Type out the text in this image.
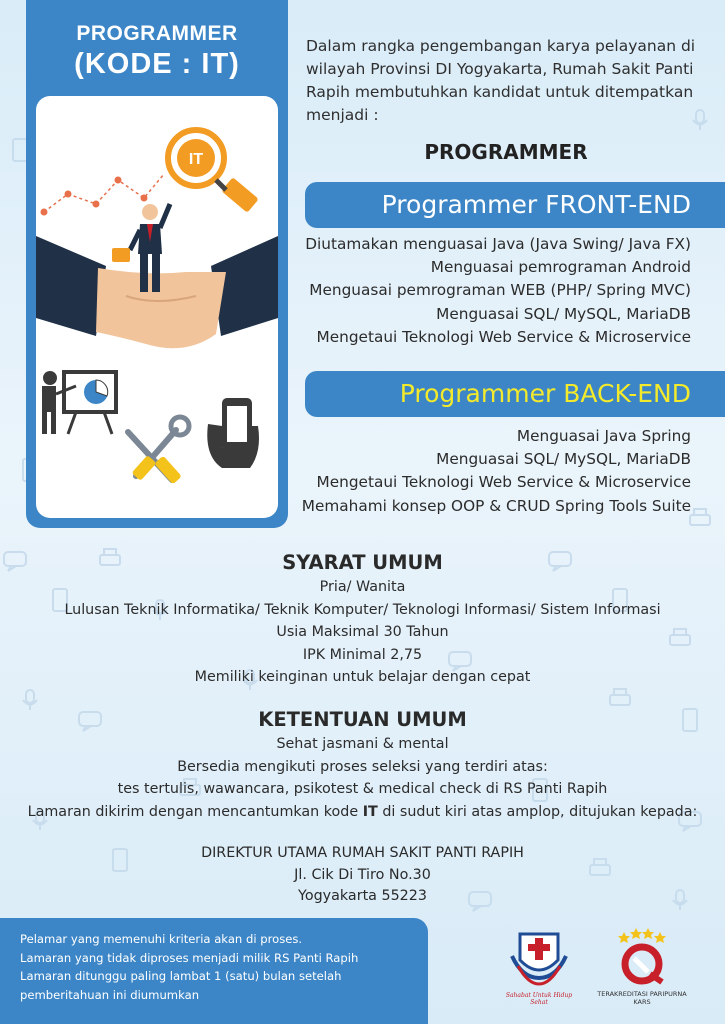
PROGRAMMER
(KODE : IT)
IT
Dalam rangka pengembangan karya pelayanan di wilayah Provinsi DI Yogyakarta, Rumah Sakit Panti Rapih membutuhkan kandidat untuk ditempatkan menjadi :
PROGRAMMER
Programmer FRONT-END
Diutamakan menguasai Java (Java Swing/ Java FX)
Menguasai pemrograman Android
Menguasai pemrograman WEB (PHP/ Spring MVC)
Menguasai SQL/ MySQL, MariaDB
Mengetaui Teknologi Web Service & Microservice
Programmer BACK-END
Menguasai Java Spring
Menguasai SQL/ MySQL, MariaDB
Mengetaui Teknologi Web Service & Microservice
Memahami konsep OOP & CRUD Spring Tools Suite
SYARAT UMUM
Pria/ Wanita
Lulusan Teknik Informatika/ Teknik Komputer/ Teknologi Informasi/ Sistem Informasi
Usia Maksimal 30 Tahun
IPK Minimal 2,75
Memiliki keinginan untuk belajar dengan cepat
KETENTUAN UMUM
Sehat jasmani & mental
Bersedia mengikuti proses seleksi yang terdiri atas:
tes tertulis, wawancara, psikotest & medical check di RS Panti Rapih
Lamaran dikirim dengan mencantumkan kode IT di sudut kiri atas amplop, ditujukan kepada:
DIREKTUR UTAMA RUMAH SAKIT PANTI RAPIH
Jl. Cik Di Tiro No.30
Yogyakarta 55223
Pelamar yang memenuhi kriteria akan di proses.
Lamaran yang tidak diproses menjadi milik RS Panti Rapih
Lamaran ditunggu paling lambat 1 (satu) bulan setelah
pemberitahuan ini diumumkan	Sahabat Untuk Hidup Sehat
TERAKREDITASI PARIPURNA
KARS
